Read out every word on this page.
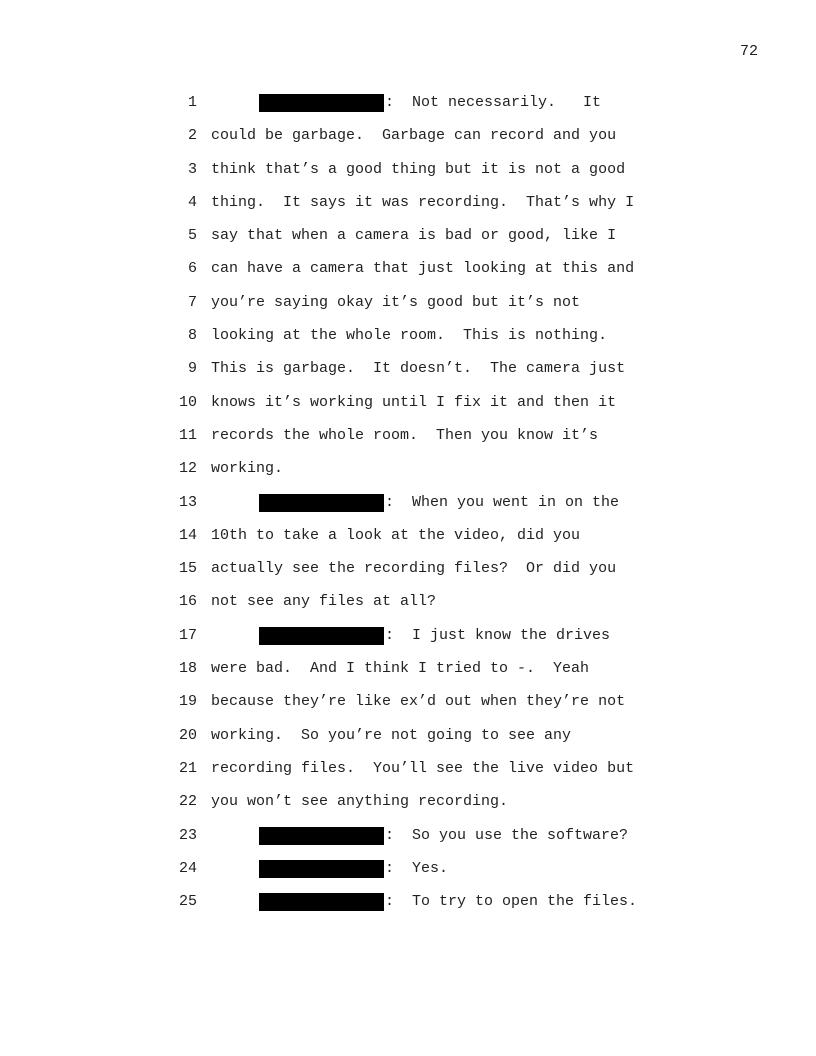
72
1	:  Not necessarily.   It
2 could be garbage.  Garbage can record and you
3 think that’s a good thing but it is not a good
4 thing.  It says it was recording.  That’s why I
5 say that when a camera is bad or good, like I
6 can have a camera that just looking at this and
7 you’re saying okay it’s good but it’s not
8 looking at the whole room.  This is nothing.
9 This is garbage.  It doesn’t.  The camera just
10 knows it’s working until I fix it and then it
11 records the whole room.  Then you know it’s
12 working.
13	:  When you went in on the
14 10th to take a look at the video, did you
15 actually see the recording files?  Or did you
16 not see any files at all?
17	:  I just know the drives
18 were bad.  And I think I tried to -.  Yeah
19 because they’re like ex’d out when they’re not
20 working.  So you’re not going to see any
21 recording files.  You’ll see the live video but
22 you won’t see anything recording.
23	:  So you use the software?
24	:  Yes.
25	:  To try to open the files.
